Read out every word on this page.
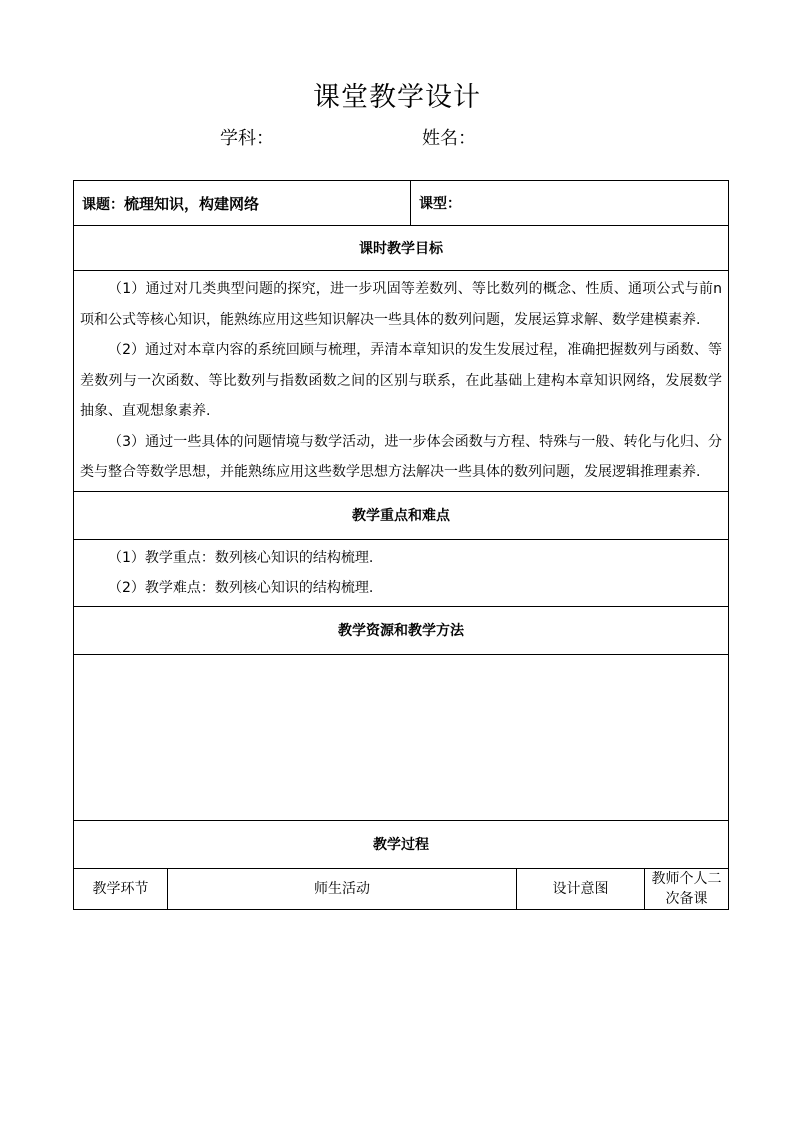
课堂教学设计
学科：	姓名：
课题：梳理知识，构建网络		课型：		
课时教学目标				

（1）通过对几类典型问题的探究，进一步巩固等差数列、等比数列的概念、性质、通项公式与前n项和公式等核心知识，能熟练应用这些知识解决一些具体的数列问题，发展运算求解、数学建模素养.

（2）通过对本章内容的系统回顾与梳理，弄清本章知识的发生发展过程，准确把握数列与函数、等差数列与一次函数、等比数列与指数函数之间的区别与联系，在此基础上建构本章知识网络，发展数学抽象、直观想象素养.

（3）通过一些具体的问题情境与数学活动，进一步体会函数与方程、特殊与一般、转化与化归、分类与整合等数学思想，并能熟练应用这些数学思想方法解决一些具体的数列问题，发展逻辑推理素养.				

教学重点和难点				

（1）教学重点：数列核心知识的结构梳理.

（2）教学难点：数列核心知识的结构梳理.				

教学资源和教学方法				

教学过程				
教学环节	师生活动		设计意图	教师个人二次备课
